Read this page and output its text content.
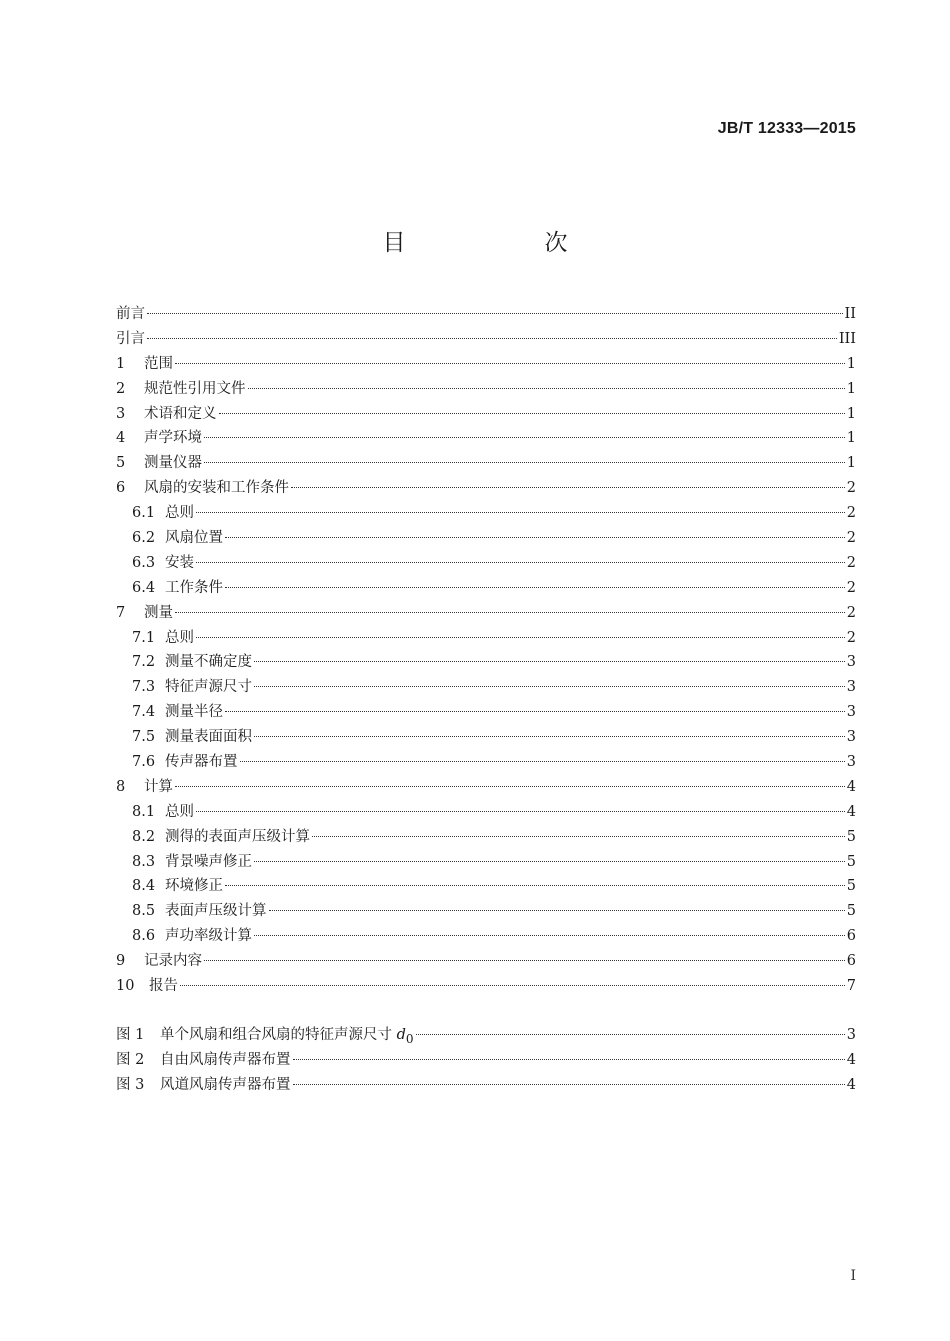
JB/T 12333—2015
目　次
前言	II
引言	III
1	范围	1
2	规范性引用文件	1
3	术语和定义	1
4	声学环境	1
5	测量仪器	1
6	风扇的安装和工作条件	2
6.1 总则	2
6.2 风扇位置	2
6.3 安装	2
6.4 工作条件	2
7	测量	2
7.1 总则	2
7.2 测量不确定度	3
7.3 特征声源尺寸	3
7.4 测量半径	3
7.5 测量表面面积	3
7.6 传声器布置	3
8	计算	4
8.1 总则	4
8.2 测得的表面声压级计算	5
8.3 背景噪声修正	5
8.4 环境修正	5
8.5 表面声压级计算	5
8.6 声功率级计算	6
9	记录内容	6
10	报告	7
图 1	单个风扇和组合风扇的特征声源尺寸 $d_0$	3
图 2	自由风扇传声器布置	4
图 3	风道风扇传声器布置	4
I
